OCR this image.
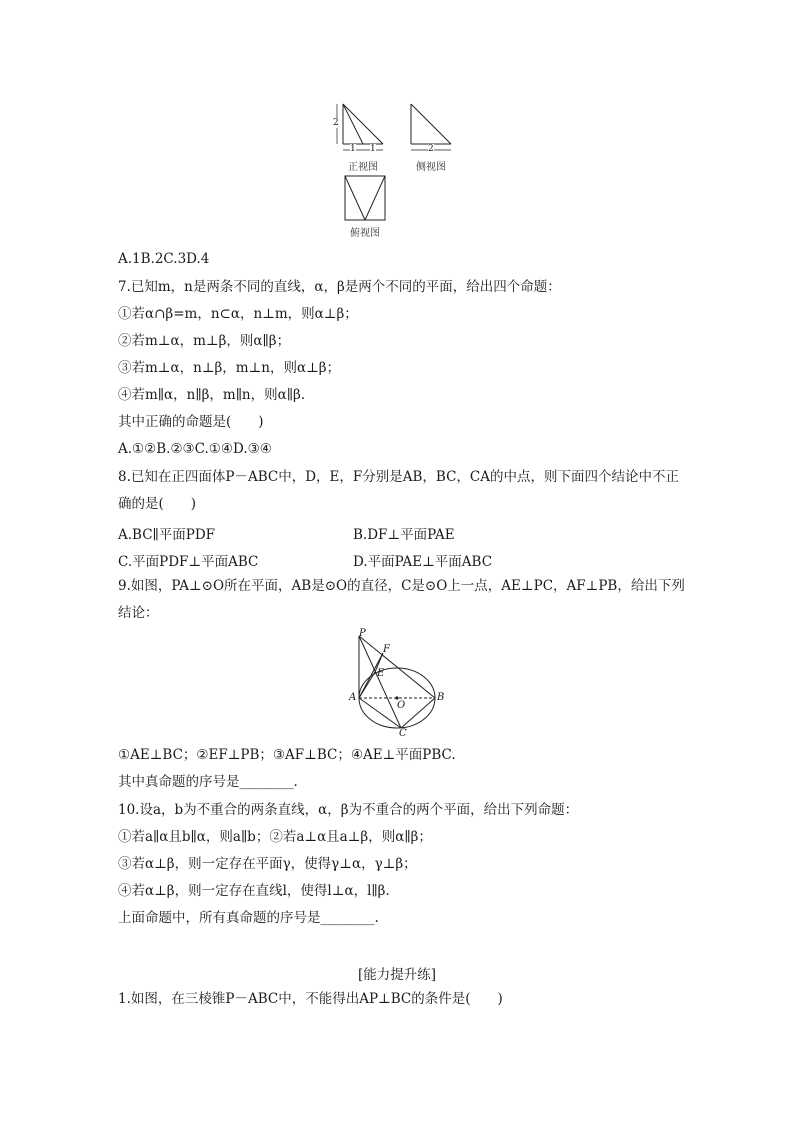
2
1 1	2
正视图	侧视图
俯视图
A.1B.2C.3D.4
7.已知m，n是两条不同的直线，α，β是两个不同的平面，给出四个命题：
①若α∩β=m，n⊂α，n⊥m，则α⊥β；
②若m⊥α，m⊥β，则α∥β；
③若m⊥α，n⊥β，m⊥n，则α⊥β；
④若m∥α，n∥β，m∥n，则α∥β.
其中正确的命题是(　　)
A.①②B.②③C.①④D.③④
8.已知在正四面体P－ABC中，D，E，F分别是AB，BC，CA的中点，则下面四个结论中不正
确的是(　　)
A.BC∥平面PDF	B.DF⊥平面PAE
C.平面PDF⊥平面ABC	D.平面PAE⊥平面ABC
9.如图，PA⊥⊙O所在平面，AB是⊙O的直径，C是⊙O上一点，AE⊥PC，AF⊥PB，给出下列
结论：
P
F
E
A
O
B
C
①AE⊥BC；②EF⊥PB；③AF⊥BC；④AE⊥平面PBC.
其中真命题的序号是________.
10.设a，b为不重合的两条直线，α，β为不重合的两个平面，给出下列命题：
①若a∥α且b∥α，则a∥b；②若a⊥α且a⊥β，则α∥β；
③若α⊥β，则一定存在平面γ，使得γ⊥α，γ⊥β；
④若α⊥β，则一定存在直线l，使得l⊥α，l∥β.
上面命题中，所有真命题的序号是________.
[能力提升练]
1.如图，在三棱锥P－ABC中，不能得出AP⊥BC的条件是(　　)
